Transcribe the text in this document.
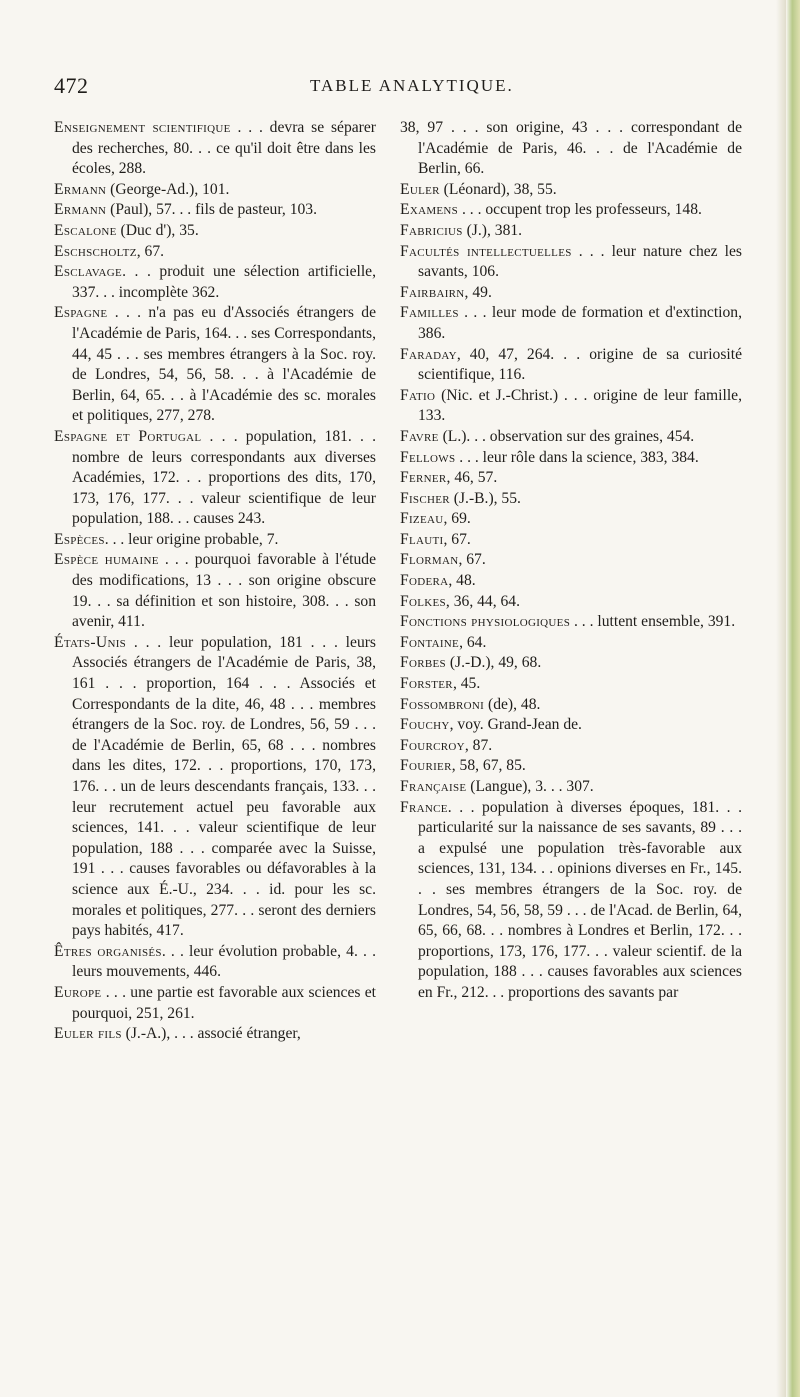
472	TABLE ANALYTIQUE.

Enseignement scientifique . . . devra se séparer des recherches, 80. . . ce qu'il doit être dans les écoles, 288.

Ermann (George-Ad.), 101.

Ermann (Paul), 57. . . fils de pasteur, 103.

Escalone (Duc d'), 35.

Eschscholtz, 67.

Esclavage. . . produit une sélection artificielle, 337. . . incomplète 362.

Espagne . . . n'a pas eu d'Associés étrangers de l'Académie de Paris, 164. . . ses Correspondants, 44, 45 . . . ses membres étrangers à la Soc. roy. de Londres, 54, 56, 58. . . à l'Académie de Berlin, 64, 65. . . à l'Académie des sc. morales et politiques, 277, 278.

Espagne et Portugal . . . population, 181. . . nombre de leurs correspondants aux diverses Académies, 172. . . proportions des dits, 170, 173, 176, 177. . . valeur scientifique de leur population, 188. . . causes 243.

Espèces. . . leur origine probable, 7.

Espèce humaine . . . pourquoi favorable à l'étude des modifications, 13 . . . son origine obscure 19. . . sa définition et son histoire, 308. . . son avenir, 411.

États-Unis . . . leur population, 181 . . . leurs Associés étrangers de l'Académie de Paris, 38, 161 . . . proportion, 164 . . . Associés et Correspondants de la dite, 46, 48 . . . membres étrangers de la Soc. roy. de Londres, 56, 59 . . . de l'Académie de Berlin, 65, 68 . . . nombres dans les dites, 172. . . proportions, 170, 173, 176. . . un de leurs descendants français, 133. . . leur recrutement actuel peu favorable aux sciences, 141. . . valeur scientifique de leur population, 188 . . . comparée avec la Suisse, 191 . . . causes favorables ou défavorables à la science aux É.-U., 234. . . id. pour les sc. morales et politiques, 277. . . seront des derniers pays habités, 417.

Êtres organisés. . . leur évolution probable, 4. . . leurs mouvements, 446.

Europe . . . une partie est favorable aux sciences et pourquoi, 251, 261.

Euler fils (J.-A.), . . . associé étranger,

38, 97 . . . son origine, 43 . . . correspondant de l'Académie de Paris, 46. . . de l'Académie de Berlin, 66.

Euler (Léonard), 38, 55.

Examens . . . occupent trop les professeurs, 148.

Fabricius (J.), 381.

Facultés intellectuelles . . . leur nature chez les savants, 106.

Fairbairn, 49.

Familles . . . leur mode de formation et d'extinction, 386.

Faraday, 40, 47, 264. . . origine de sa curiosité scientifique, 116.

Fatio (Nic. et J.-Christ.) . . . origine de leur famille, 133.

Favre (L.). . . observation sur des graines, 454.

Fellows . . . leur rôle dans la science, 383, 384.

Ferner, 46, 57.

Fischer (J.-B.), 55.

Fizeau, 69.

Flauti, 67.

Florman, 67.

Fodera, 48.

Folkes, 36, 44, 64.

Fonctions physiologiques . . . luttent ensemble, 391.

Fontaine, 64.

Forbes (J.-D.), 49, 68.

Forster, 45.

Fossombroni (de), 48.

Fouchy, voy. Grand-Jean de.

Fourcroy, 87.

Fourier, 58, 67, 85.

Française (Langue), 3. . . 307.

France. . . population à diverses époques, 181. . . particularité sur la naissance de ses savants, 89 . . . a expulsé une population très-favorable aux sciences, 131, 134. . . opinions diverses en Fr., 145. . . ses membres étrangers de la Soc. roy. de Londres, 54, 56, 58, 59 . . . de l'Acad. de Berlin, 64, 65, 66, 68. . . nombres à Londres et Berlin, 172. . . proportions, 173, 176, 177. . . valeur scientif. de la population, 188 . . . causes favorables aux sciences en Fr., 212. . . proportions des savants par
